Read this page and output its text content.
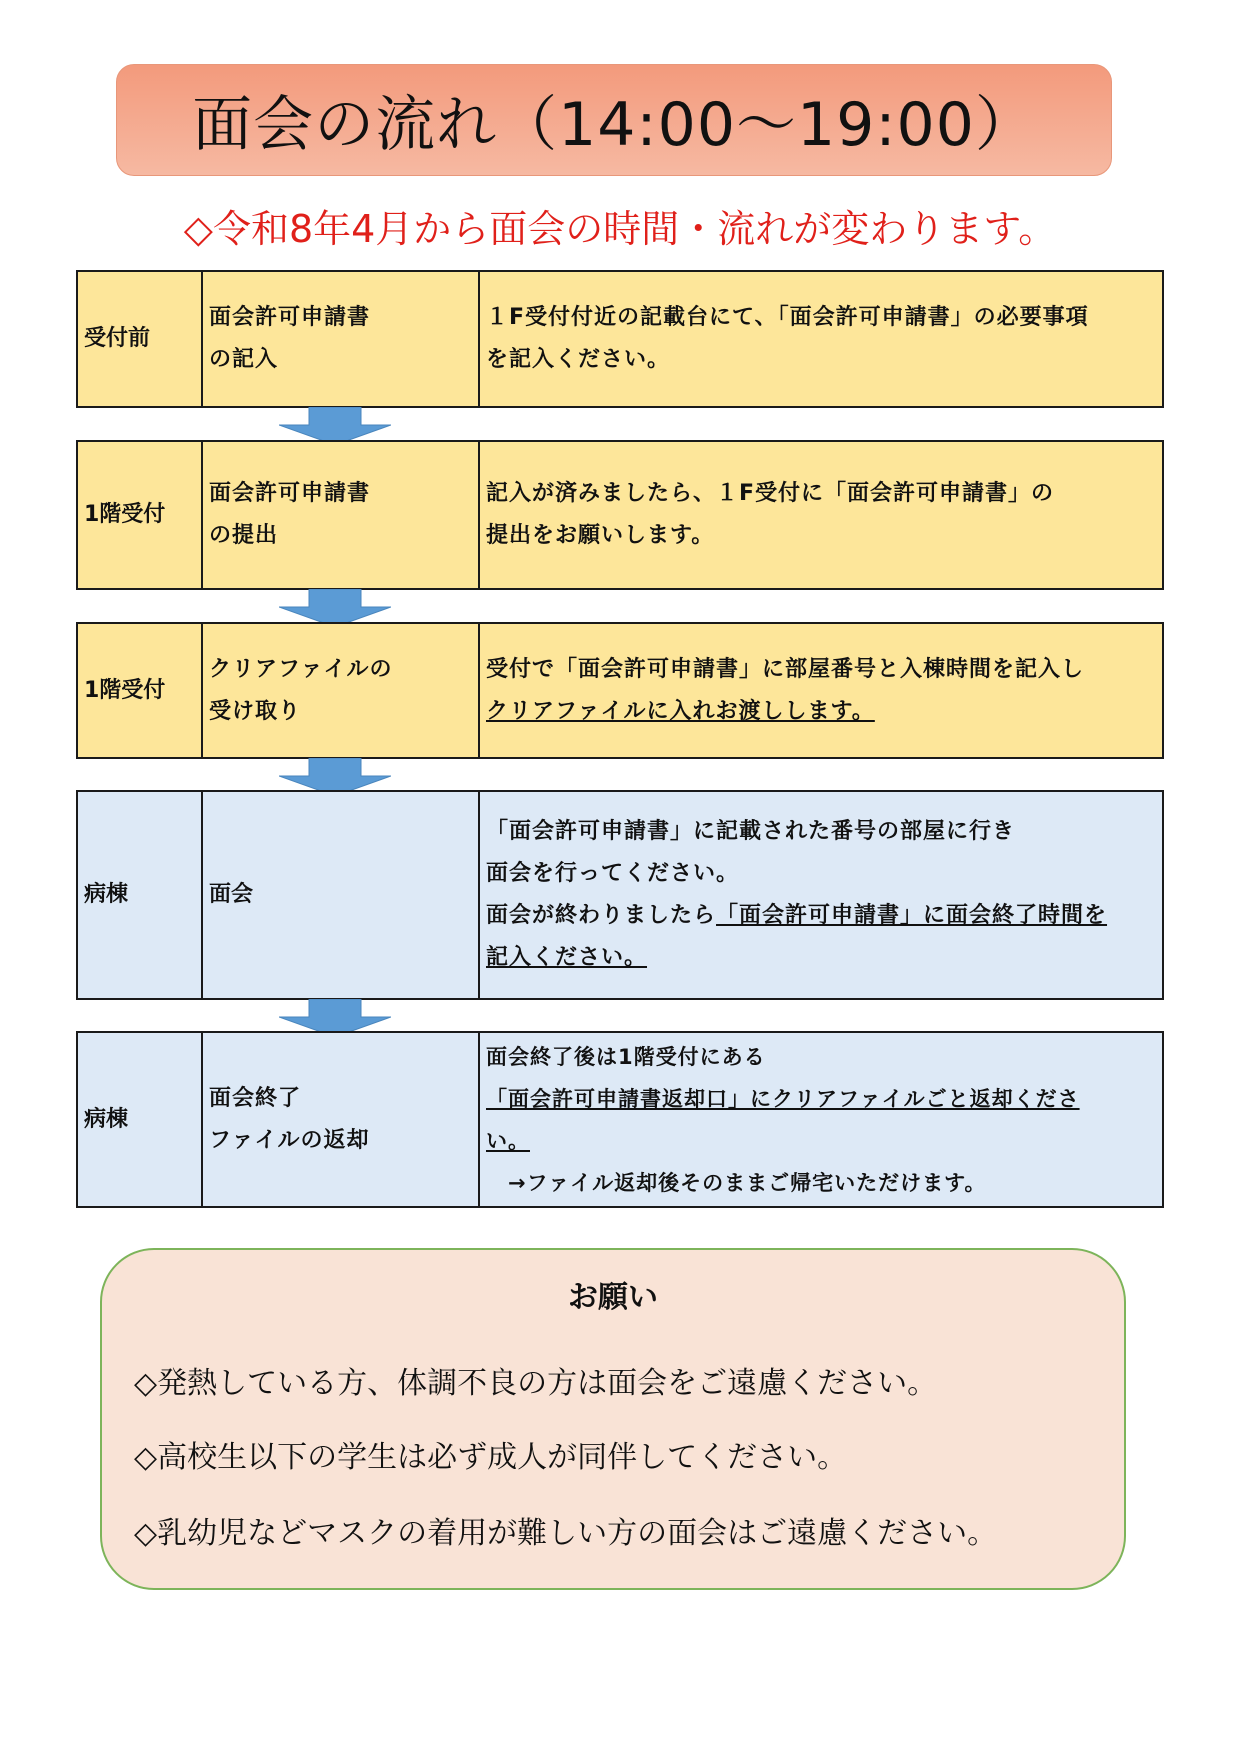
面会の流れ（14:00〜19:00）
◇令和8年4月から面会の時間・流れが変わります。
受付前
面会許可申請書
の記入
１F受付付近の記載台にて、「面会許可申請書」の必要事項
を記入ください。
1階受付
面会許可申請書
の提出
記入が済みましたら、１F受付に「面会許可申請書」の
提出をお願いします。
1階受付
クリアファイルの
受け取り
受付で「面会許可申請書」に部屋番号と入棟時間を記入し
クリアファイルに入れお渡しします。
病棟	面会
「面会許可申請書」に記載された番号の部屋に行き
面会を行ってください。
面会が終わりましたら「面会許可申請書」に面会終了時間を
記入ください。
病棟
面会終了
ファイルの返却
面会終了後は1階受付にある
「面会許可申請書返却口」にクリアファイルごと返却くださ
い。
　→ファイル返却後そのままご帰宅いただけます。
お願い
◇発熱している方、体調不良の方は面会をご遠慮ください。
◇高校生以下の学生は必ず成人が同伴してください。
◇乳幼児などマスクの着用が難しい方の面会はご遠慮ください。
